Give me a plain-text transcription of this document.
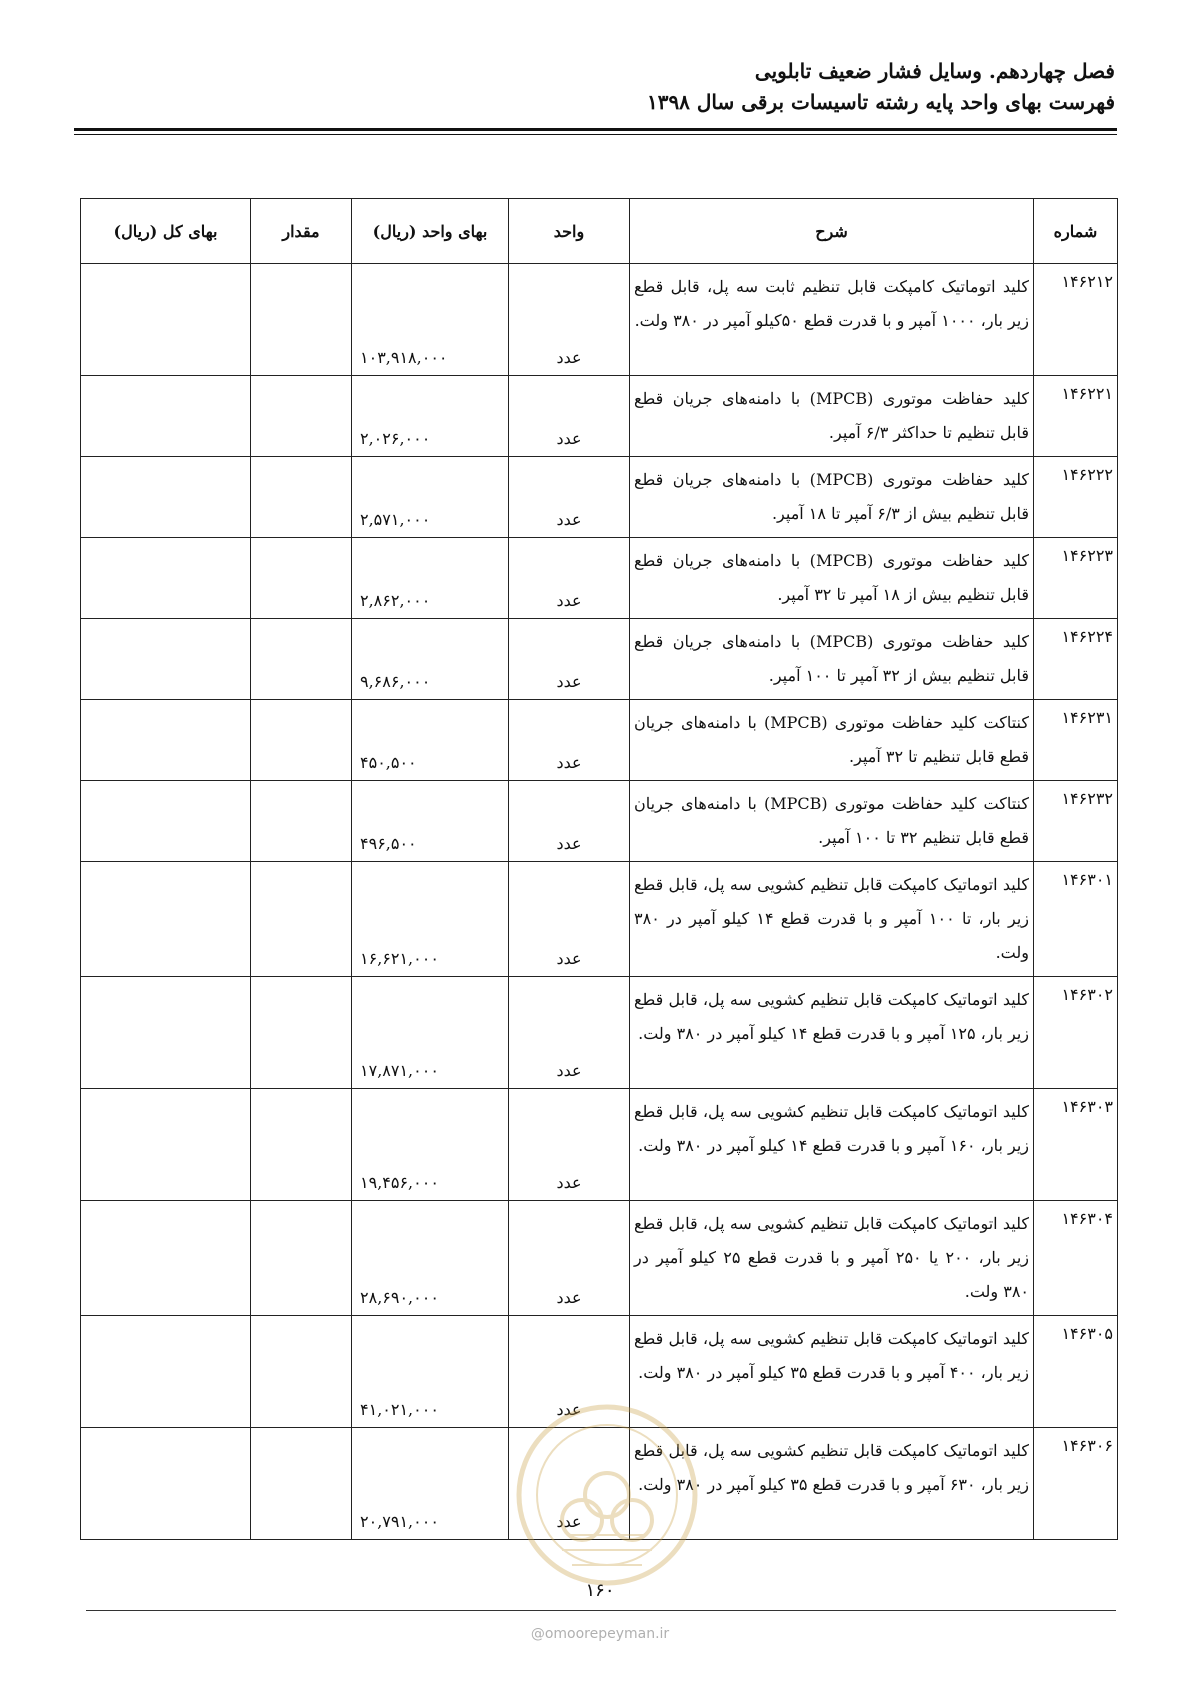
فصل چهاردهم. وسایل فشار ضعیف تابلویی
فهرست بهای واحد پایه رشته تاسیسات برقی سال ۱۳۹۸
شماره	شرح	واحد	بهای واحد (ریال)	مقدار	بهای کل (ریال)
۱۴۶۲۱۲	کلید اتوماتیک کامپکت قابل تنظیم ثابت سه پل، قابل قطع زیر بار، ۱۰۰۰ آمپر و با قدرت قطع ۵۰کیلو آمپر در ۳۸۰ ولت.	عدد	۱۰۳,۹۱۸,۰۰۰		
۱۴۶۲۲۱	کلید حفاظت موتوری (MPCB) با دامنه‌های جریان قطع قابل تنظیم تا حداکثر ۶/۳ آمپر.	عدد	۲,۰۲۶,۰۰۰		
۱۴۶۲۲۲	کلید حفاظت موتوری (MPCB) با دامنه‌های جریان قطع قابل تنظیم بیش از ۶/۳ آمپر تا ۱۸ آمپر.	عدد	۲,۵۷۱,۰۰۰		
۱۴۶۲۲۳	کلید حفاظت موتوری (MPCB) با دامنه‌های جریان قطع قابل تنظیم بیش از ۱۸ آمپر تا ۳۲ آمپر.	عدد	۲,۸۶۲,۰۰۰		
۱۴۶۲۲۴	کلید حفاظت موتوری (MPCB) با دامنه‌های جریان قطع قابل تنظیم بیش از ۳۲ آمپر تا ۱۰۰ آمپر.	عدد	۹,۶۸۶,۰۰۰		
۱۴۶۲۳۱	کنتاکت کلید حفاظت موتوری (MPCB) با دامنه‌های جریان قطع قابل تنظیم تا ۳۲ آمپر.	عدد	۴۵۰,۵۰۰		
۱۴۶۲۳۲	کنتاکت کلید حفاظت موتوری (MPCB) با دامنه‌های جریان قطع قابل تنظیم ۳۲ تا ۱۰۰ آمپر.	عدد	۴۹۶,۵۰۰		
۱۴۶۳۰۱	کلید اتوماتیک کامپکت قابل تنظیم کشویی سه پل، قابل قطع زیر بار، تا ۱۰۰ آمپر و با قدرت قطع ۱۴ کیلو آمپر در ۳۸۰ ولت.	عدد	۱۶,۶۲۱,۰۰۰		
۱۴۶۳۰۲	کلید اتوماتیک کامپکت قابل تنظیم کشویی سه پل، قابل قطع زیر بار، ۱۲۵ آمپر و با قدرت قطع ۱۴ کیلو آمپر در ۳۸۰ ولت.	عدد	۱۷,۸۷۱,۰۰۰		
۱۴۶۳۰۳	کلید اتوماتیک کامپکت قابل تنظیم کشویی سه پل، قابل قطع زیر بار، ۱۶۰ آمپر و با قدرت قطع ۱۴ کیلو آمپر در ۳۸۰ ولت.	عدد	۱۹,۴۵۶,۰۰۰		
۱۴۶۳۰۴	کلید اتوماتیک کامپکت قابل تنظیم کشویی سه پل، قابل قطع زیر بار، ۲۰۰ یا ۲۵۰ آمپر و با قدرت قطع ۲۵ کیلو آمپر در ۳۸۰ ولت.	عدد	۲۸,۶۹۰,۰۰۰		
۱۴۶۳۰۵	کلید اتوماتیک کامپکت قابل تنظیم کشویی سه پل، قابل قطع زیر بار، ۴۰۰ آمپر و با قدرت قطع ۳۵ کیلو آمپر در ۳۸۰ ولت.	عدد	۴۱,۰۲۱,۰۰۰		
۱۴۶۳۰۶	کلید اتوماتیک کامپکت قابل تنظیم کشویی سه پل، قابل قطع زیر بار، ۶۳۰ آمپر و با قدرت قطع ۳۵ کیلو آمپر در ۳۸۰ ولت.	عدد	۲۰,۷۹۱,۰۰۰		
۱۶۰
@omoorepeyman.ir
